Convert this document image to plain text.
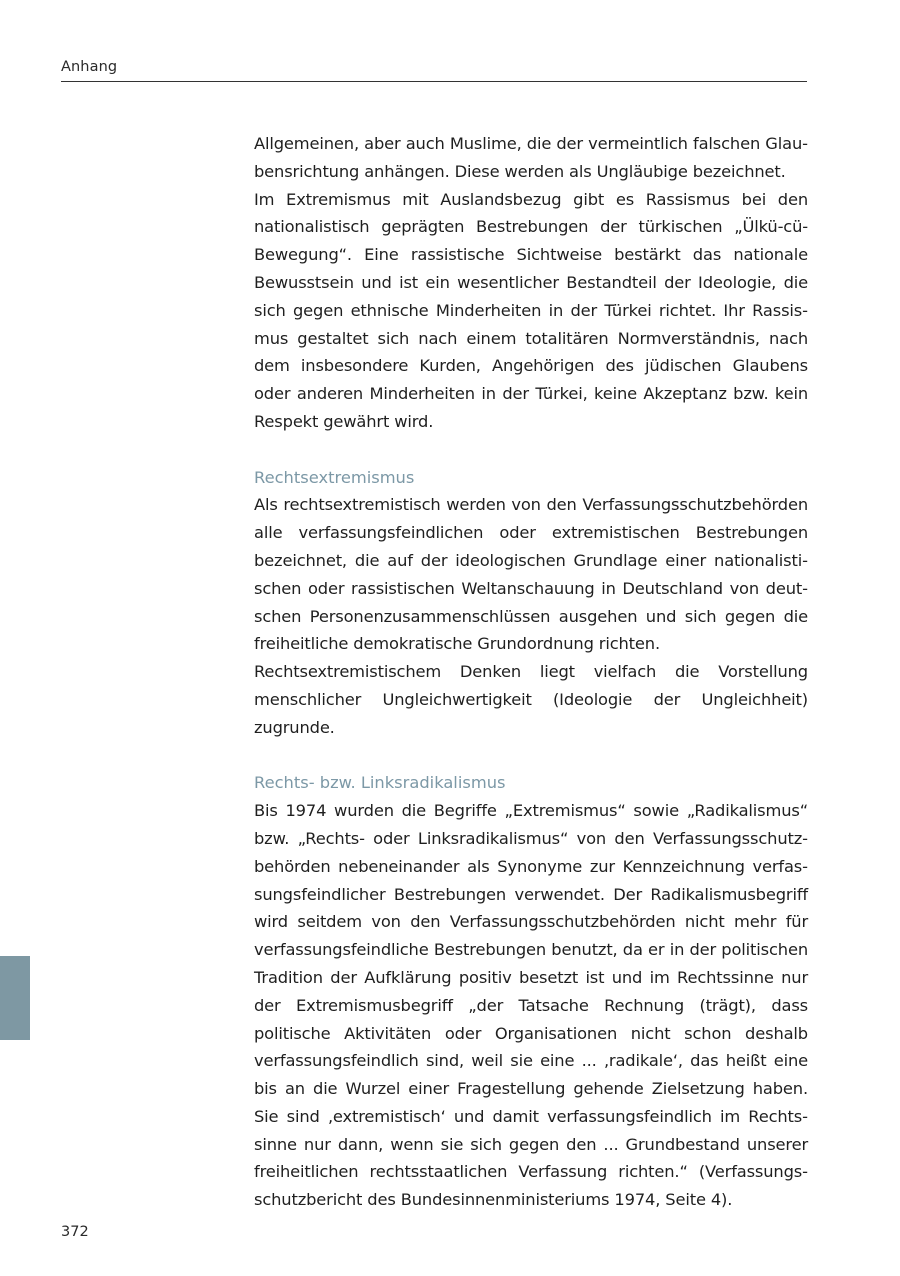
Anhang

Allgemeinen, aber auch Muslime, die der vermeintlich falschen Glaubensrichtung anhängen. Diese werden als Ungläubige bezeichnet.

Im Extremismus mit Auslandsbezug gibt es Rassismus bei den nationalistisch geprägten Bestrebungen der türkischen „Ülkü-cü-Bewegung“. Eine rassistische Sichtweise bestärkt das nationale Bewusstsein und ist ein wesentlicher Bestandteil der Ideologie, die sich gegen ethnische Minderheiten in der Türkei richtet. Ihr Rassismus gestaltet sich nach einem totalitären Normverständnis, nach dem insbesondere Kurden, Angehörigen des jüdischen Glaubens oder anderen Minderheiten in der Türkei, keine Akzeptanz bzw. kein Respekt gewährt wird.

Rechtsextremismus

Als rechtsextremistisch werden von den Verfassungsschutzbehörden alle verfassungsfeindlichen oder extremistischen Bestrebungen bezeichnet, die auf der ideologischen Grundlage einer nationalistischen oder rassistischen Weltanschauung in Deutschland von deutschen Personenzusammenschlüssen ausgehen und sich gegen die freiheitliche demokratische Grundordnung richten.

Rechtsextremistischem Denken liegt vielfach die Vorstellung menschlicher Ungleichwertigkeit (Ideologie der Ungleichheit) zugrunde.

Rechts- bzw. Linksradikalismus

Bis 1974 wurden die Begriffe „Extremismus“ sowie „Radikalismus“ bzw. „Rechts- oder Linksradikalismus“ von den Verfassungsschutzbehörden nebeneinander als Synonyme zur Kennzeichnung verfassungsfeindlicher Bestrebungen verwendet. Der Radikalismusbegriff wird seitdem von den Verfassungsschutzbehörden nicht mehr für verfassungsfeindliche Bestrebungen benutzt, da er in der politischen Tradition der Aufklärung positiv besetzt ist und im Rechtssinne nur der Extremismusbegriff „der Tatsache Rechnung (trägt), dass politische Aktivitäten oder Organisationen nicht schon deshalb verfassungsfeindlich sind, weil sie eine ... ‚radikale‘, das heißt eine bis an die Wurzel einer Fragestellung gehende Zielsetzung haben. Sie sind ‚extremistisch‘ und damit verfassungsfeindlich im Rechtssinne nur dann, wenn sie sich gegen den ... Grundbestand unserer freiheitlichen rechtsstaatlichen Verfassung richten.“ (Verfassungsschutzbericht des Bundesinnenministeriums 1974, Seite 4).

372
